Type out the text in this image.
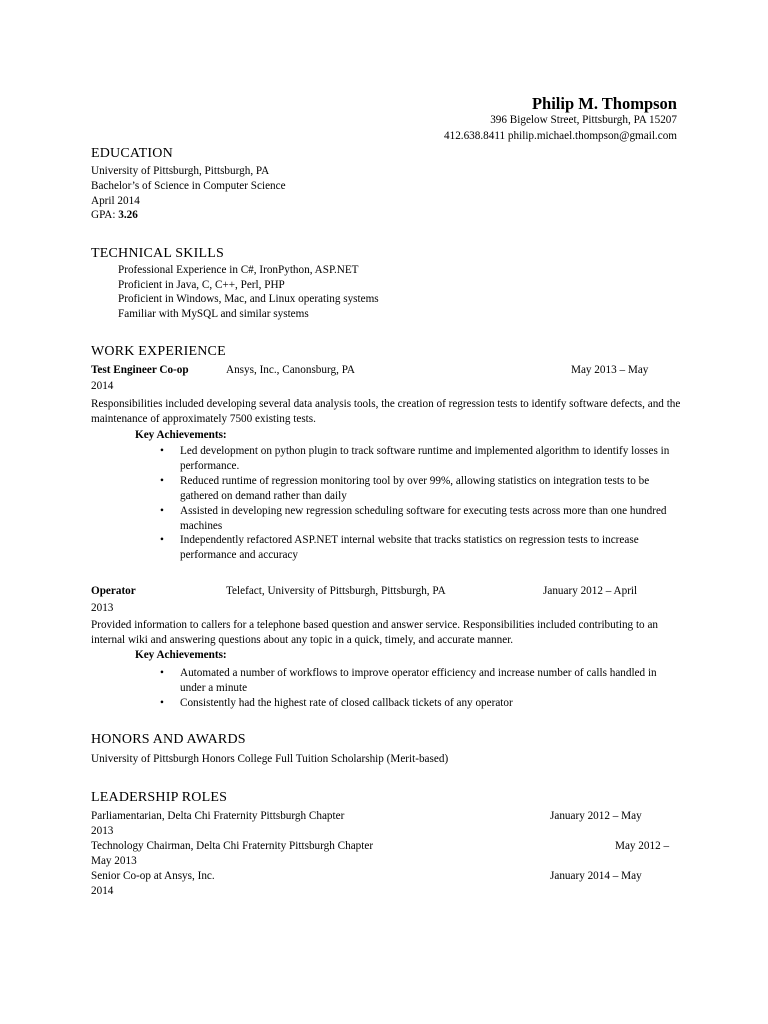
Philip M. Thompson
396 Bigelow Street, Pittsburgh, PA 15207
412.638.8411 philip.michael.thompson@gmail.com
EDUCATION
University of Pittsburgh, Pittsburgh, PA
Bachelor’s of Science in Computer Science
April 2014
GPA: 3.26
TECHNICAL SKILLS
Professional Experience in C#, IronPython, ASP.NET
Proficient in Java, C, C++, Perl, PHP
Proficient in Windows, Mac, and Linux operating systems
Familiar with MySQL and similar systems
WORK EXPERIENCE
Test Engineer Co-op	Ansys, Inc., Canonsburg, PA	May 2013 – May
2014
Responsibilities included developing several data analysis tools, the creation of regression tests to identify software defects, and the maintenance of approximately 7500 existing tests.
Key Achievements:
• Led development on python plugin to track software runtime and implemented algorithm to identify losses in performance.
• Reduced runtime of regression monitoring tool by over 99%, allowing statistics on integration tests to be gathered on demand rather than daily
• Assisted in developing new regression scheduling software for executing tests across more than one hundred machines
• Independently refactored ASP.NET internal website that tracks statistics on regression tests to increase performance and accuracy
Operator	Telefact, University of Pittsburgh, Pittsburgh, PA	January 2012 – April
2013
Provided information to callers for a telephone based question and answer service. Responsibilities included contributing to an internal wiki and answering questions about any topic in a quick, timely, and accurate manner.
Key Achievements:
• Automated a number of workflows to improve operator efficiency and increase number of calls handled in under a minute
• Consistently had the highest rate of closed callback tickets of any operator
HONORS AND AWARDS
University of Pittsburgh Honors College Full Tuition Scholarship (Merit-based)
LEADERSHIP ROLES
Parliamentarian, Delta Chi Fraternity Pittsburgh Chapter	January 2012 – May
2013
Technology Chairman, Delta Chi Fraternity Pittsburgh Chapter	May 2012 –
May 2013
Senior Co-op at Ansys, Inc.	January 2014 – May
2014
